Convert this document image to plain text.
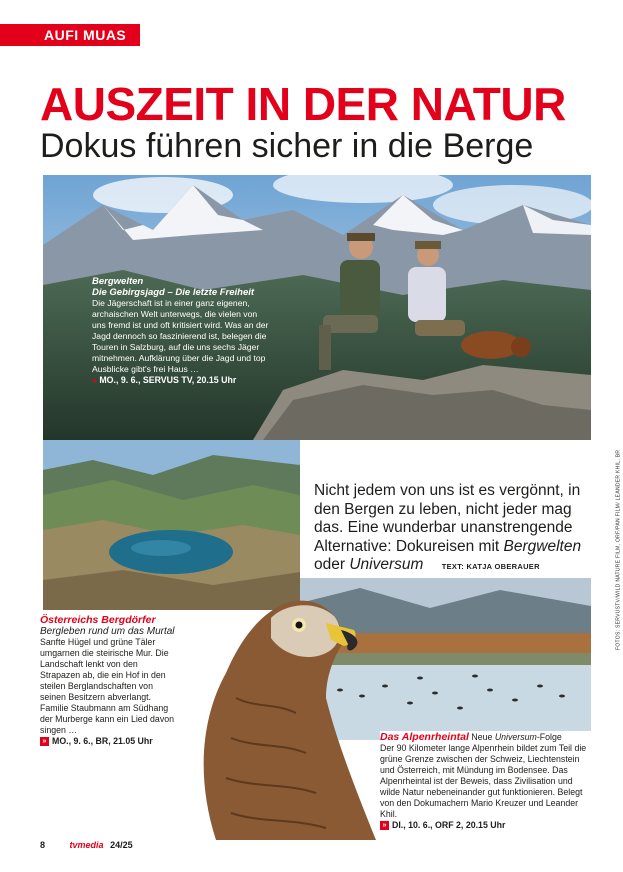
AUFI MUAS I!
AUSZEIT IN DER NATUR
Dokus führen sicher in die Berge
Bergwelten
Die Gebirgsjagd – Die letzte Freiheit
Die Jägerschaft ist in einer ganz eigenen, archaischen Welt unterwegs, die vielen von uns fremd ist und oft kritisiert wird. Was an der Jagd dennoch so faszinierend ist, belegen die Touren in Salzburg, auf die uns sechs Jäger mitnehmen. Aufklärung über die Jagd und top Ausblicke gibt's frei Haus …
» MO., 9. 6., SERVUS TV, 20.15 Uhr
Nicht jedem von uns ist es vergönnt, in den Bergen zu leben, nicht jeder mag das. Eine wunderbar unanstrengende Alternative: Dokureisen mit Bergwelten oder Universum TEXT: KATJA OBERAUER
Österreichs Bergdörfer
Bergleben rund um das Murtal
Sanfte Hügel und grüne Täler umgarnen die steirische Mur. Die Landschaft lenkt von den Strapazen ab, die ein Hof in den steilen Berglandschaften von seinen Besitzern abverlangt. Familie Staubmann am Südhang der Murberge kann ein Lied davon singen …
» MO., 9. 6., BR, 21.05 Uhr	Das Alpenrheintal Neue Universum-Folge
Der 90 Kilometer lange Alpenrhein bildet zum Teil die grüne Grenze zwischen der Schweiz, Liechtenstein und Österreich, mit Mündung im Bodensee. Das Alpenrheintal ist der Beweis, dass Zivilisation und wilde Natur nebeneinander gut funktionieren. Belegt von den Dokumachern Mario Kreuzer und Leander Khil.
» DI., 10. 6., ORF 2, 20.15 Uhr
FOTOS: SERVUSTV/WILD NATURE FILM, ORF/PAN FILM/ LEANDER KHIL, BR
8	tvmedia 24/25
